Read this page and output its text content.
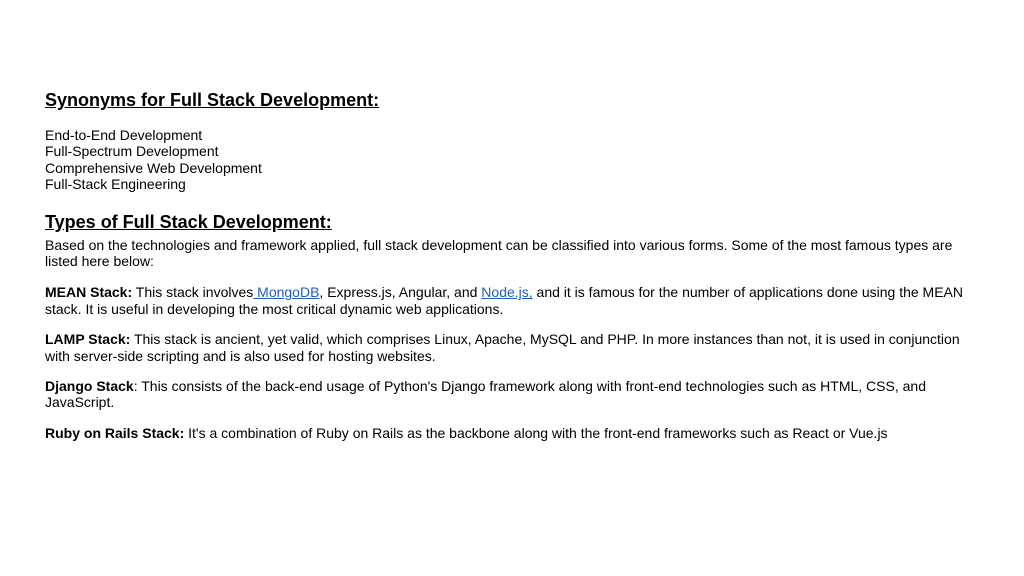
Synonyms for Full Stack Development:
End-to-End Development
Full-Spectrum Development
Comprehensive Web Development
Full-Stack Engineering
Types of Full Stack Development:

Based on the technologies and framework applied, full stack development can be classified into various forms. Some of the most famous types are listed here below:

MEAN Stack: This stack involves MongoDB, Express.js, Angular, and Node.js, and it is famous for the number of applications done using the MEAN stack. It is useful in developing the most critical dynamic web applications.

LAMP Stack: This stack is ancient, yet valid, which comprises Linux, Apache, MySQL and PHP. In more instances than not, it is used in conjunction with server-side scripting and is also used for hosting websites.

Django Stack: This consists of the back-end usage of Python's Django framework along with front-end technologies such as HTML, CSS, and JavaScript.

Ruby on Rails Stack: It's a combination of Ruby on Rails as the backbone along with the front-end frameworks such as React or Vue.js
